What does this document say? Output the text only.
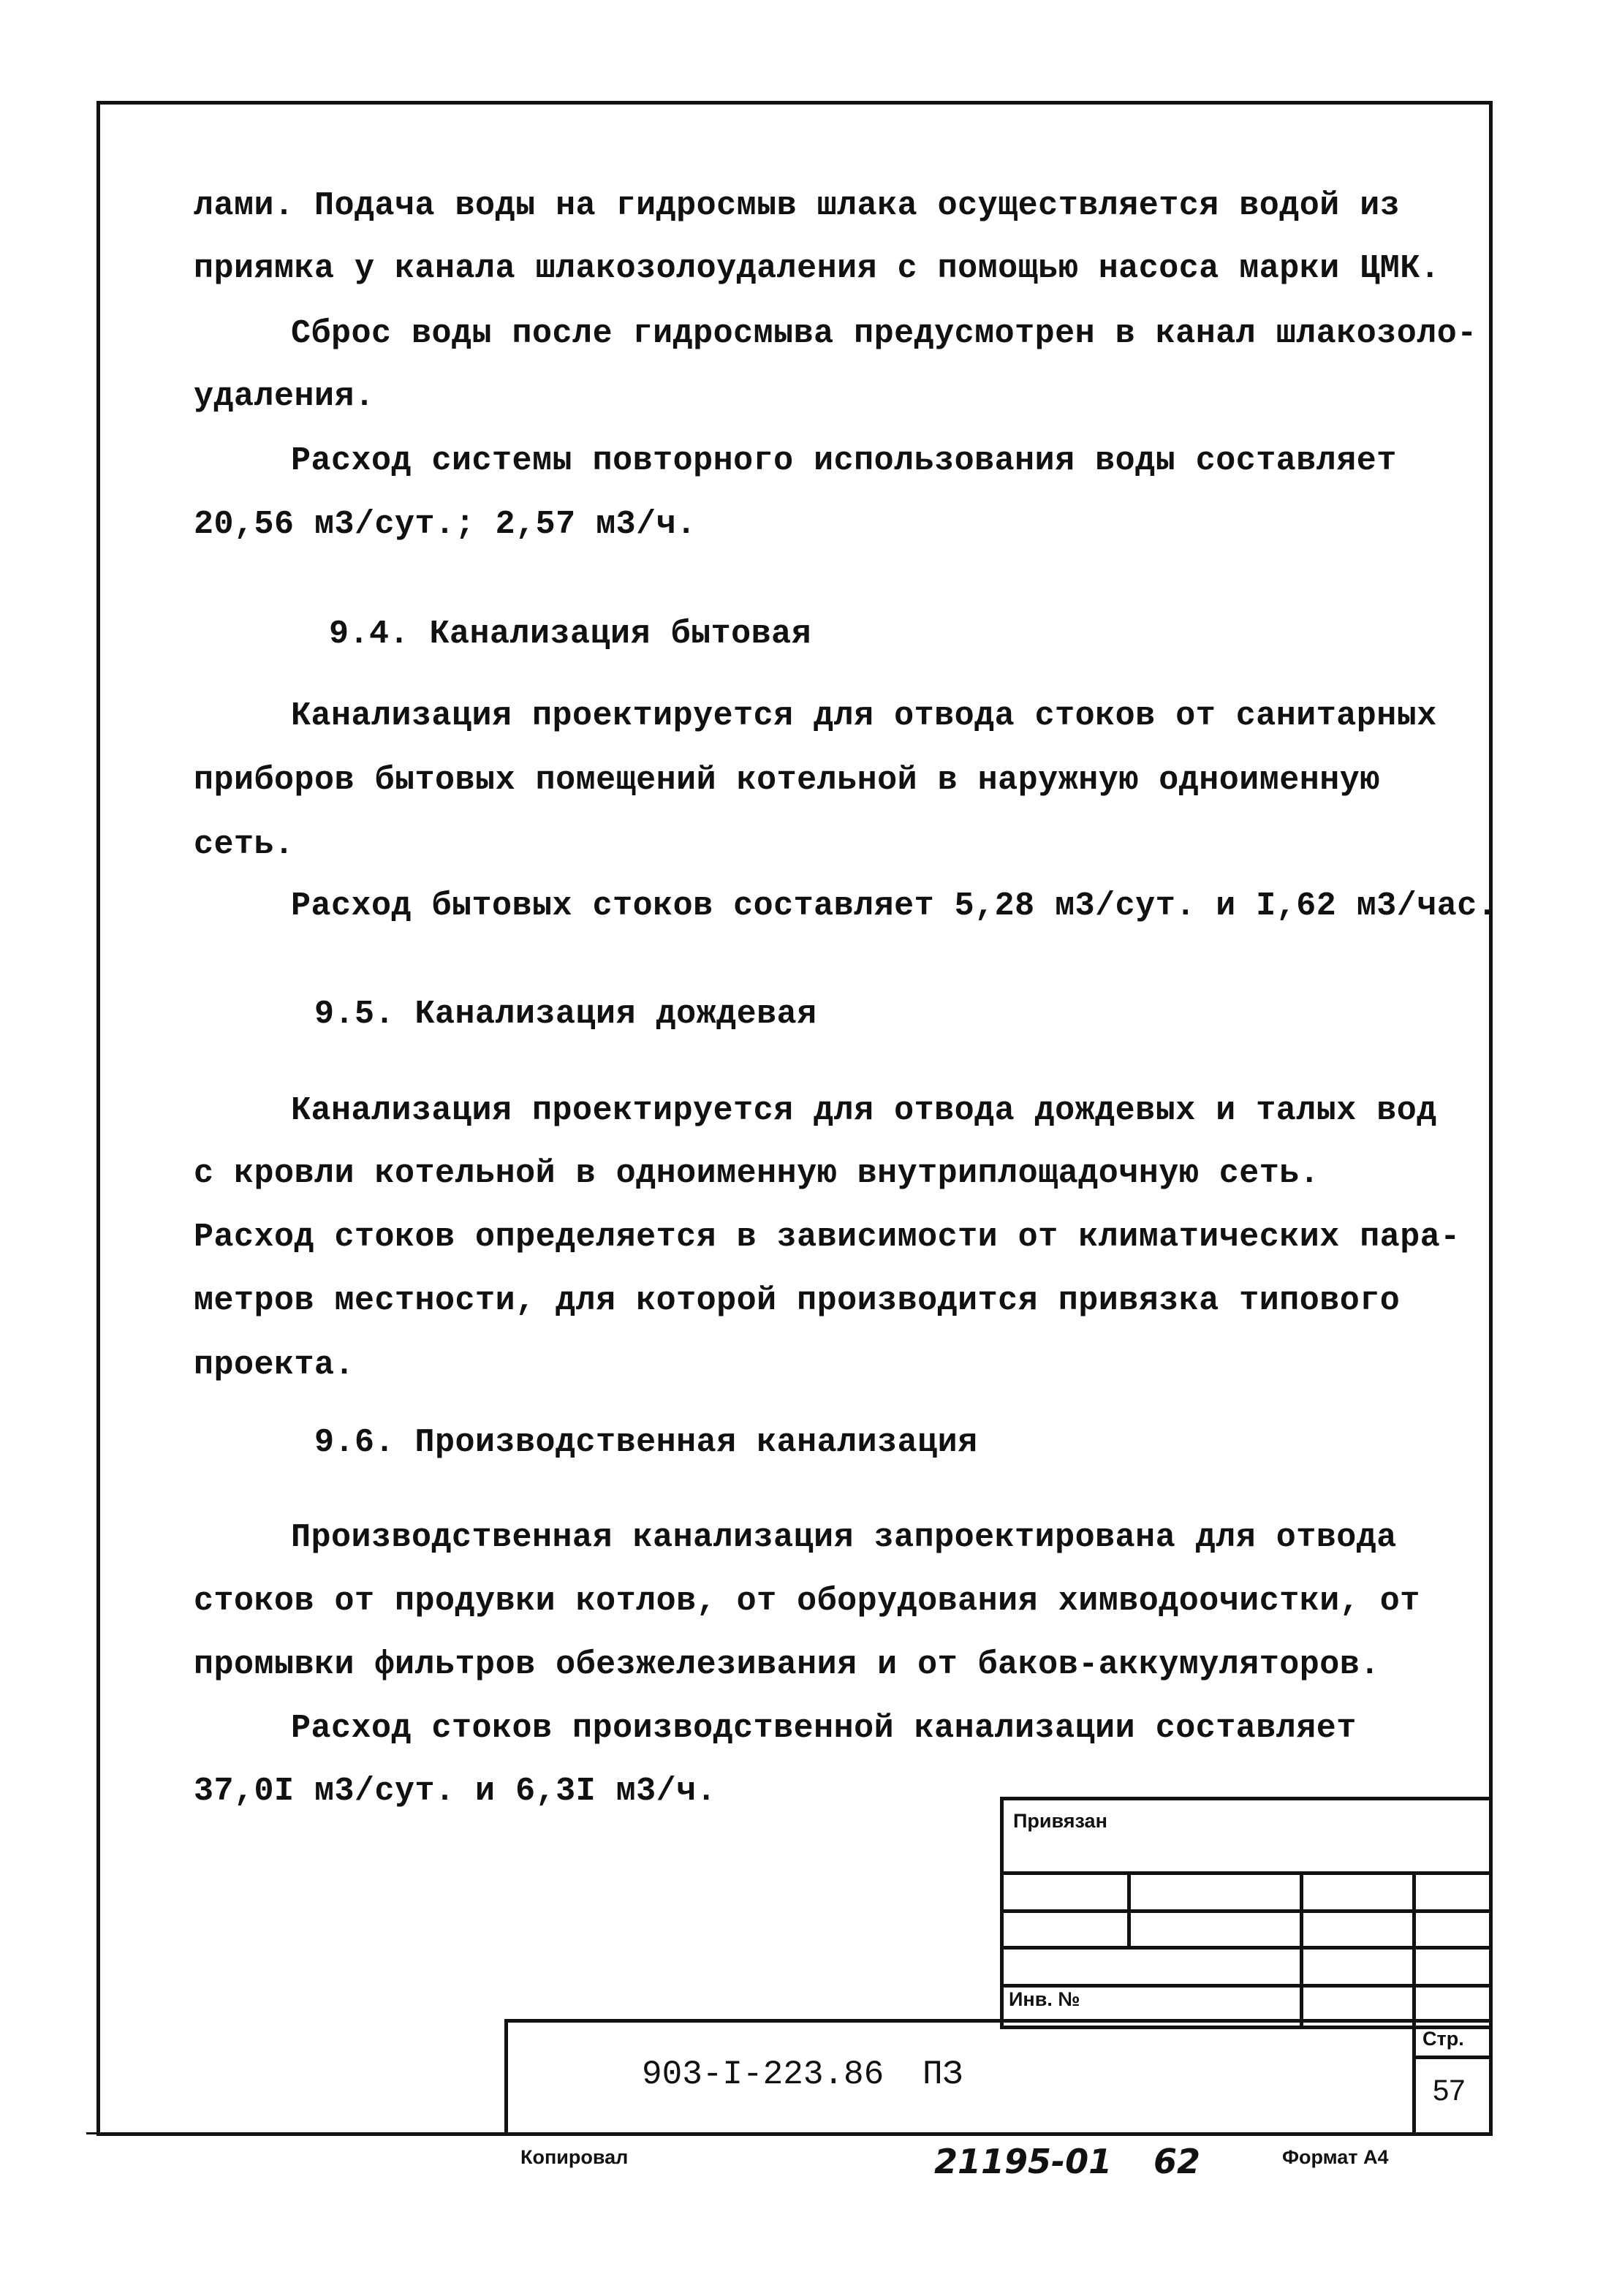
лами. Подача воды на гидросмыв шлака осуществляется водой из
приямка у канала шлакозолоудаления с помощью насоса марки ЦМК.
Сброс воды после гидросмыва предусмотрен в канал шлакозоло-
удаления.
Расход системы повторного использования воды составляет
20,56 м3/сут.; 2,57 м3/ч.
9.4. Канализация бытовая
Канализация проектируется для отвода стоков от санитарных
приборов бытовых помещений котельной в наружную одноименную
сеть.
Расход бытовых стоков составляет 5,28 м3/сут. и I,62 м3/час.
9.5. Канализация дождевая
Канализация проектируется для отвода дождевых и талых вод
с кровли котельной в одноименную внутриплощадочную сеть.
Расход стоков определяется в зависимости от климатических пара-
метров местности, для которой производится привязка типового
проекта.
9.6. Производственная канализация
Производственная канализация запроектирована для отвода
стоков от продувки котлов, от оборудования химводоочистки, от
промывки фильтров обезжелезивания и от баков-аккумуляторов.
Расход стоков производственной канализации составляет
37,0I м3/сут. и 6,3I м3/ч.
Привязан
Инв. №
903-I-223.86 ПЗ
Стр.
57
Копировал	21195-01 62	Формат А4
